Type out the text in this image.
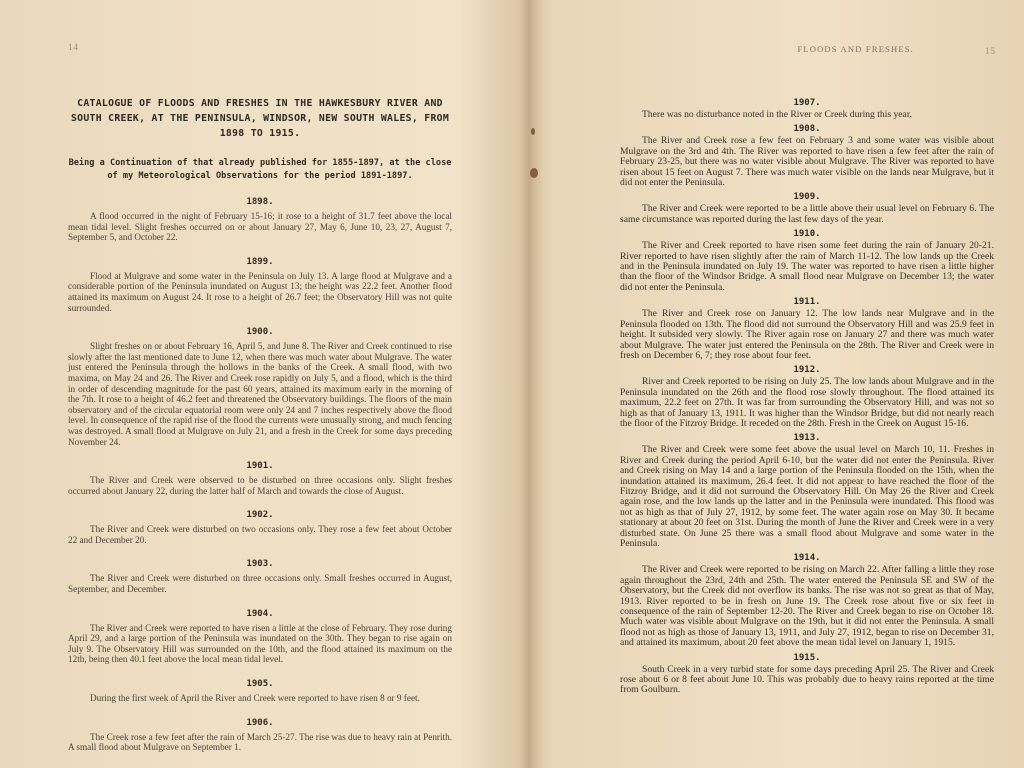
14
CATALOGUE OF FLOODS AND FRESHES IN THE HAWKESBURY RIVER AND SOUTH CREEK, AT THE PENINSULA, WINDSOR, NEW SOUTH WALES, FROM 1898 TO 1915.
Being a Continuation of that already published for 1855-1897, at the close of my Meteorological Observations for the period 1891-1897.
1898.

A flood occurred in the night of February 15-16; it rose to a height of 31.7 feet above the local mean tidal level. Slight freshes occurred on or about January 27, May 6, June 10, 23, 27, August 7, September 5, and October 22.

1899.

Flood at Mulgrave and some water in the Peninsula on July 13. A large flood at Mulgrave and a considerable portion of the Peninsula inundated on August 13; the height was 22.2 feet. Another flood attained its maximum on August 24. It rose to a height of 26.7 feet; the Observatory Hill was not quite surrounded.

1900.

Slight freshes on or about February 16, April 5, and June 8. The River and Creek continued to rise slowly after the last mentioned date to June 12, when there was much water about Mulgrave. The water just entered the Peninsula through the hollows in the banks of the Creek. A small flood, with two maxima, on May 24 and 26. The River and Creek rose rapidly on July 5, and a flood, which is the third in order of descending magnitude for the past 60 years, attained its maximum early in the morning of the 7th. It rose to a height of 46.2 feet and threatened the Observatory buildings. The floors of the main observatory and of the circular equatorial room were only 24 and 7 inches respectively above the flood level. In consequence of the rapid rise of the flood the currents were unusually strong, and much fencing was destroyed. A small flood at Mulgrave on July 21, and a fresh in the Creek for some days preceding November 24.

1901.

The River and Creek were observed to be disturbed on three occasions only. Slight freshes occurred about January 22, during the latter half of March and towards the close of August.

1902.

The River and Creek were disturbed on two occasions only. They rose a few feet about October 22 and December 20.

1903.

The River and Creek were disturbed on three occasions only. Small freshes occurred in August, September, and December.

1904.

The River and Creek were reported to have risen a little at the close of February. They rose during April 29, and a large portion of the Peninsula was inundated on the 30th. They began to rise again on July 9. The Observatory Hill was surrounded on the 10th, and the flood attained its maximum on the 12th, being then 40.1 feet above the local mean tidal level.

1905.

During the first week of April the River and Creek were reported to have risen 8 or 9 feet.

1906.

The Creek rose a few feet after the rain of March 25-27. The rise was due to heavy rain at Penrith. A small flood about Mulgrave on September 1.

FLOODS AND FRESHES.	15
1907.

There was no disturbance noted in the River or Creek during this year.

1908.

The River and Creek rose a few feet on February 3 and some water was visible about Mulgrave on the 3rd and 4th. The River was reported to have risen a few feet after the rain of February 23-25, but there was no water visible about Mulgrave. The River was reported to have risen about 15 feet on August 7. There was much water visible on the lands near Mulgrave, but it did not enter the Peninsula.

1909.

The River and Creek were reported to be a little above their usual level on February 6. The same circumstance was reported during the last few days of the year.

1910.

The River and Creek reported to have risen some feet during the rain of January 20-21. River reported to have risen slightly after the rain of March 11-12. The low lands up the Creek and in the Peninsula inundated on July 19. The water was reported to have risen a little higher than the floor of the Windsor Bridge. A small flood near Mulgrave on December 13; the water did not enter the Peninsula.

1911.

The River and Creek rose on January 12. The low lands near Mulgrave and in the Peninsula flooded on 13th. The flood did not surround the Observatory Hill and was 25.9 feet in height. It subsided very slowly. The River again rose on January 27 and there was much water about Mulgrave. The water just entered the Peninsula on the 28th. The River and Creek were in fresh on December 6, 7; they rose about four feet.

1912.

River and Creek reported to be rising on July 25. The low lands about Mulgrave and in the Peninsula inundated on the 26th and the flood rose slowly throughout. The flood attained its maximum, 22.2 feet on 27th. It was far from surrounding the Observatory Hill, and was not so high as that of January 13, 1911. It was higher than the Windsor Bridge, but did not nearly reach the floor of the Fitzroy Bridge. It receded on the 28th. Fresh in the Creek on August 15-16.

1913.

The River and Creek were some feet above the usual level on March 10, 11. Freshes in River and Creek during the period April 6-10, but the water did not enter the Peninsula. River and Creek rising on May 14 and a large portion of the Peninsula flooded on the 15th, when the inundation attained its maximum, 26.4 feet. It did not appear to have reached the floor of the Fitzroy Bridge, and it did not surround the Observatory Hill. On May 26 the River and Creek again rose, and the low lands up the latter and in the Peninsula were inundated. This flood was not as high as that of July 27, 1912, by some feet. The water again rose on May 30. It became stationary at about 20 feet on 31st. During the month of June the River and Creek were in a very disturbed state. On June 25 there was a small flood about Mulgrave and some water in the Peninsula.

1914.

The River and Creek were reported to be rising on March 22. After falling a little they rose again throughout the 23rd, 24th and 25th. The water entered the Peninsula SE and SW of the Observatory, but the Creek did not overflow its banks. The rise was not so great as that of May, 1913. River reported to be in fresh on June 19. The Creek rose about five or six feet in consequence of the rain of September 12-20. The River and Creek began to rise on October 18. Much water was visible about Mulgrave on the 19th, but it did not enter the Peninsula. A small flood not as high as those of January 13, 1911, and July 27, 1912, began to rise on December 31, and attained its maximum, about 20 feet above the mean tidal level on January 1, 1915.

1915.

South Creek in a very turbid state for some days preceding April 25. The River and Creek rose about 6 or 8 feet about June 10. This was probably due to heavy rains reported at the time from Goulburn.
